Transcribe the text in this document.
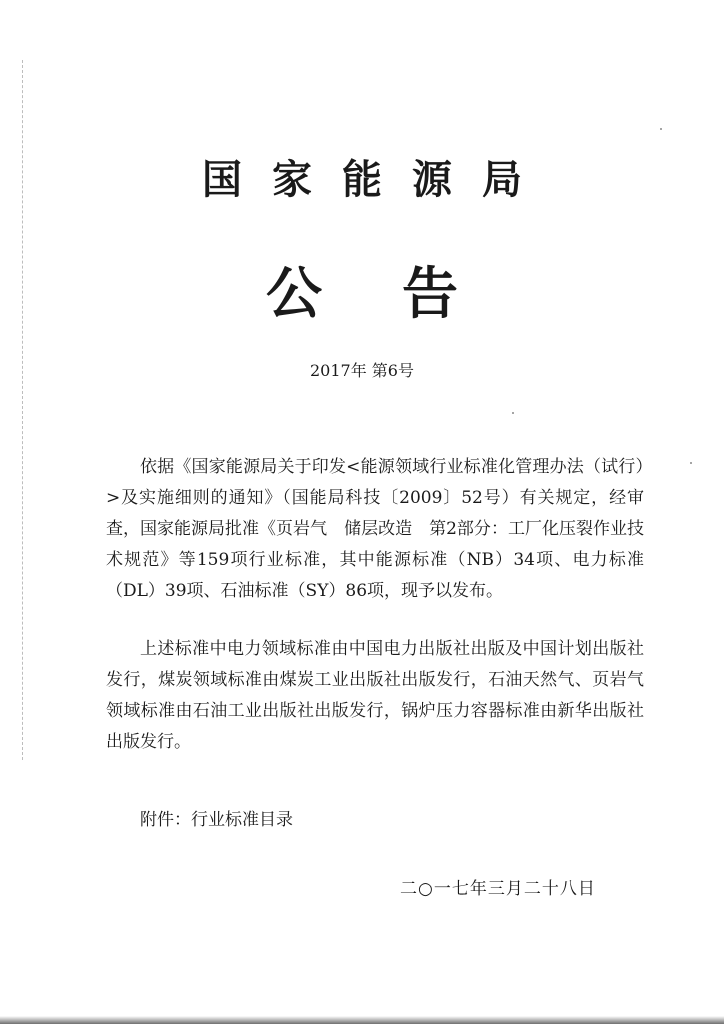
国家能源局
公告
2017年 第6号

依据《国家能源局关于印发<能源领域行业标准化管理办法（试行）>及实施细则的通知》（国能局科技〔2009〕52号）有关规定，经审查，国家能源局批准《页岩气　储层改造　第2部分：工厂化压裂作业技术规范》等159项行业标准，其中能源标准（NB）34项、电力标准（DL）39项、石油标准（SY）86项，现予以发布。

上述标准中电力领域标准由中国电力出版社出版及中国计划出版社发行，煤炭领域标准由煤炭工业出版社出版发行，石油天然气、页岩气领域标准由石油工业出版社出版发行，锅炉压力容器标准由新华出版社出版发行。

附件：行业标准目录
二○一七年三月二十八日
